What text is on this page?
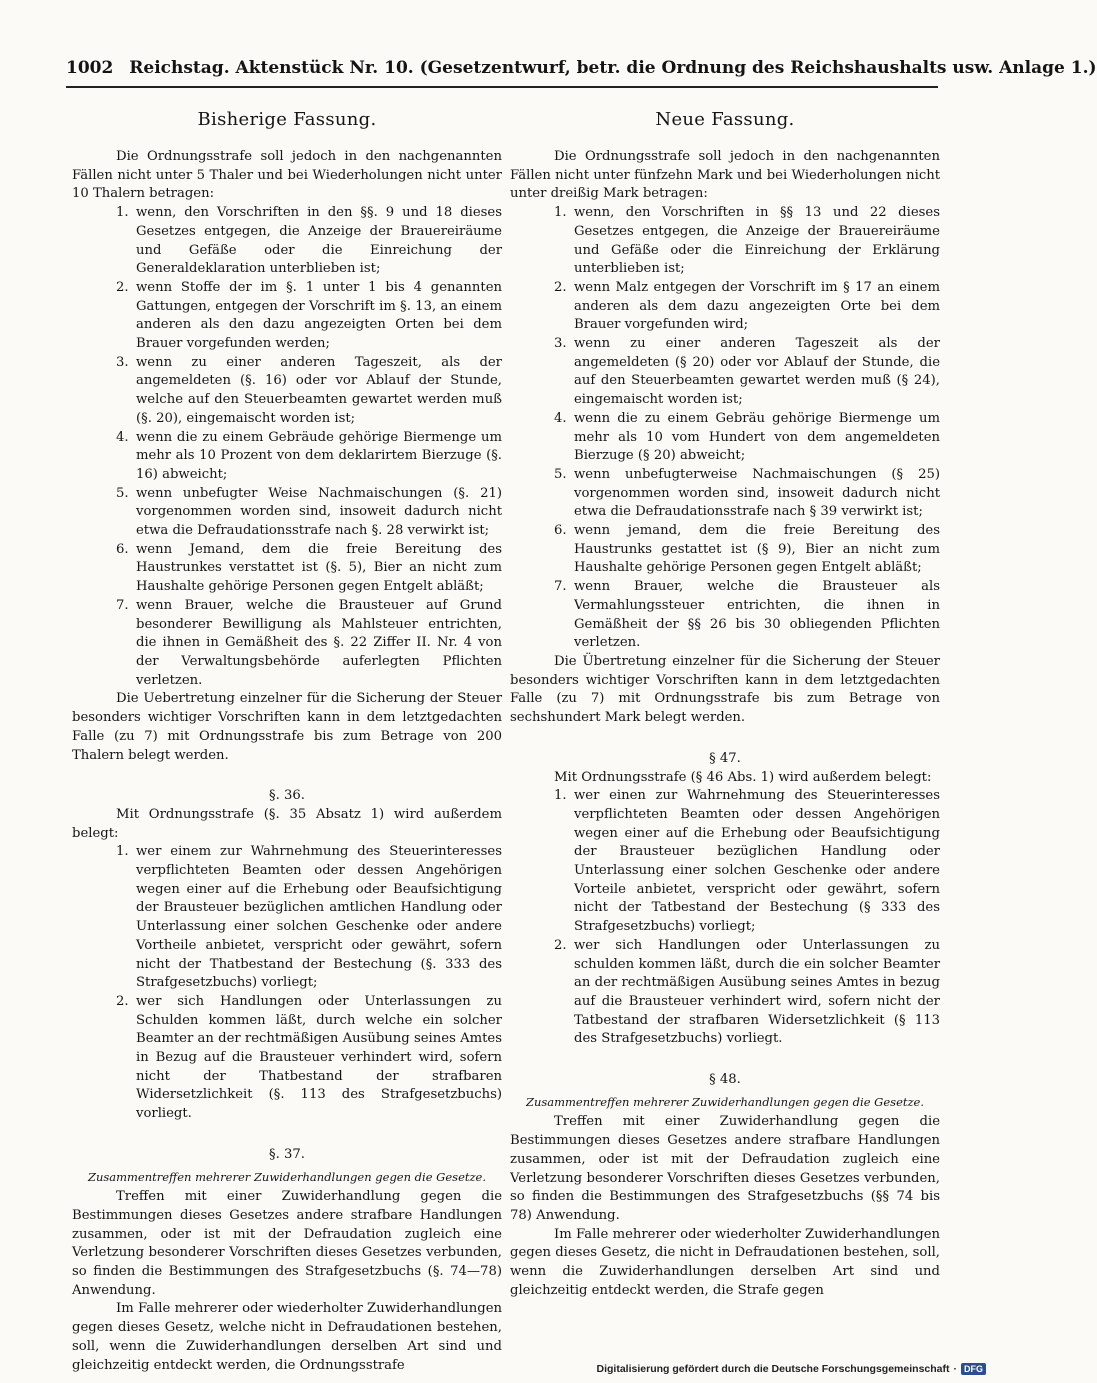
1002 Reichstag. Aktenstück Nr. 10. (Gesetzentwurf, betr. die Ordnung des Reichshaushalts usw. Anlage 1.)
Bisherige Fassung.

Die Ordnungsstrafe soll jedoch in den nachgenannten Fällen nicht unter 5 Thaler und bei Wiederholungen nicht unter 10 Thalern betragen:

1. wenn, den Vorschriften in den §§. 9 und 18 dieses Gesetzes entgegen, die Anzeige der Brauereiräume und Gefäße oder die Einreichung der Generaldeklaration unterblieben ist;
2. wenn Stoffe der im §. 1 unter 1 bis 4 genannten Gattungen, entgegen der Vorschrift im §. 13, an einem anderen als den dazu angezeigten Orten bei dem Brauer vorgefunden werden;
3. wenn zu einer anderen Tageszeit, als der angemeldeten (§. 16) oder vor Ablauf der Stunde, welche auf den Steuerbeamten gewartet werden muß (§. 20), eingemaischt worden ist;
4. wenn die zu einem Gebräude gehörige Biermenge um mehr als 10 Prozent von dem deklarirtem Bierzuge (§. 16) abweicht;
5. wenn unbefugter Weise Nachmaischungen (§. 21) vorgenommen worden sind, insoweit dadurch nicht etwa die Defraudationsstrafe nach §. 28 verwirkt ist;
6. wenn Jemand, dem die freie Bereitung des Haustrunkes verstattet ist (§. 5), Bier an nicht zum Haushalte gehörige Personen gegen Entgelt abläßt;
7. wenn Brauer, welche die Brausteuer auf Grund besonderer Bewilligung als Mahlsteuer entrichten, die ihnen in Gemäßheit des §. 22 Ziffer II. Nr. 4 von der Verwaltungsbehörde auferlegten Pflichten verletzen.

Die Uebertretung einzelner für die Sicherung der Steuer besonders wichtiger Vorschriften kann in dem letztgedachten Falle (zu 7) mit Ordnungsstrafe bis zum Betrage von 200 Thalern belegt werden.

§. 36.

Mit Ordnungsstrafe (§. 35 Absatz 1) wird außerdem belegt:

1. wer einem zur Wahrnehmung des Steuerinteresses verpflichteten Beamten oder dessen Angehörigen wegen einer auf die Erhebung oder Beaufsichtigung der Brausteuer bezüglichen amtlichen Handlung oder Unterlassung einer solchen Geschenke oder andere Vortheile anbietet, verspricht oder gewährt, sofern nicht der Thatbestand der Bestechung (§. 333 des Strafgesetzbuchs) vorliegt;
2. wer sich Handlungen oder Unterlassungen zu Schulden kommen läßt, durch welche ein solcher Beamter an der rechtmäßigen Ausübung seines Amtes in Bezug auf die Brausteuer verhindert wird, sofern nicht der Thatbestand der strafbaren Widersetzlichkeit (§. 113 des Strafgesetzbuchs) vorliegt.
§. 37.
Zusammentreffen mehrerer Zuwiderhandlungen gegen die Gesetze.

Treffen mit einer Zuwiderhandlung gegen die Bestimmungen dieses Gesetzes andere strafbare Handlungen zusammen, oder ist mit der Defraudation zugleich eine Verletzung besonderer Vorschriften dieses Gesetzes verbunden, so finden die Bestimmungen des Strafgesetzbuchs (§. 74—78) Anwendung.

Im Falle mehrerer oder wiederholter Zuwiderhandlungen gegen dieses Gesetz, welche nicht in Defraudationen bestehen, soll, wenn die Zuwiderhandlungen derselben Art sind und gleichzeitig entdeckt werden, die Ordnungsstrafe

Neue Fassung.

Die Ordnungsstrafe soll jedoch in den nachgenannten Fällen nicht unter fünfzehn Mark und bei Wiederholungen nicht unter dreißig Mark betragen:

1. wenn, den Vorschriften in §§ 13 und 22 dieses Gesetzes entgegen, die Anzeige der Brauereiräume und Gefäße oder die Einreichung der Erklärung unterblieben ist;
2. wenn Malz entgegen der Vorschrift im § 17 an einem anderen als dem dazu angezeigten Orte bei dem Brauer vorgefunden wird;
3. wenn zu einer anderen Tageszeit als der angemeldeten (§ 20) oder vor Ablauf der Stunde, die auf den Steuerbeamten gewartet werden muß (§ 24), eingemaischt worden ist;
4. wenn die zu einem Gebräu gehörige Biermenge um mehr als 10 vom Hundert von dem angemeldeten Bierzuge (§ 20) abweicht;
5. wenn unbefugterweise Nachmaischungen (§ 25) vorgenommen worden sind, insoweit dadurch nicht etwa die Defraudationsstrafe nach § 39 verwirkt ist;
6. wenn jemand, dem die freie Bereitung des Haustrunks gestattet ist (§ 9), Bier an nicht zum Haushalte gehörige Personen gegen Entgelt abläßt;
7. wenn Brauer, welche die Brausteuer als Vermahlungssteuer entrichten, die ihnen in Gemäßheit der §§ 26 bis 30 obliegenden Pflichten verletzen.

Die Übertretung einzelner für die Sicherung der Steuer besonders wichtiger Vorschriften kann in dem letztgedachten Falle (zu 7) mit Ordnungsstrafe bis zum Betrage von sechshundert Mark belegt werden.

§ 47.

Mit Ordnungsstrafe (§ 46 Abs. 1) wird außerdem belegt:

1. wer einen zur Wahrnehmung des Steuerinteresses verpflichteten Beamten oder dessen Angehörigen wegen einer auf die Erhebung oder Beaufsichtigung der Brausteuer bezüglichen Handlung oder Unterlassung einer solchen Geschenke oder andere Vorteile anbietet, verspricht oder gewährt, sofern nicht der Tatbestand der Bestechung (§ 333 des Strafgesetzbuchs) vorliegt;
2. wer sich Handlungen oder Unterlassungen zu schulden kommen läßt, durch die ein solcher Beamter an der rechtmäßigen Ausübung seines Amtes in bezug auf die Brausteuer verhindert wird, sofern nicht der Tatbestand der strafbaren Widersetzlichkeit (§ 113 des Strafgesetzbuchs) vorliegt.
§ 48.
Zusammentreffen mehrerer Zuwiderhandlungen gegen die Gesetze.

Treffen mit einer Zuwiderhandlung gegen die Bestimmungen dieses Gesetzes andere strafbare Handlungen zusammen, oder ist mit der Defraudation zugleich eine Verletzung besonderer Vorschriften dieses Gesetzes verbunden, so finden die Bestimmungen des Strafgesetzbuchs (§§ 74 bis 78) Anwendung.

Im Falle mehrerer oder wiederholter Zuwiderhandlungen gegen dieses Gesetz, die nicht in Defraudationen bestehen, soll, wenn die Zuwiderhandlungen derselben Art sind und gleichzeitig entdeckt werden, die Strafe gegen

Digitalisierung gefördert durch die Deutsche Forschungsgemeinschaft · DFG
